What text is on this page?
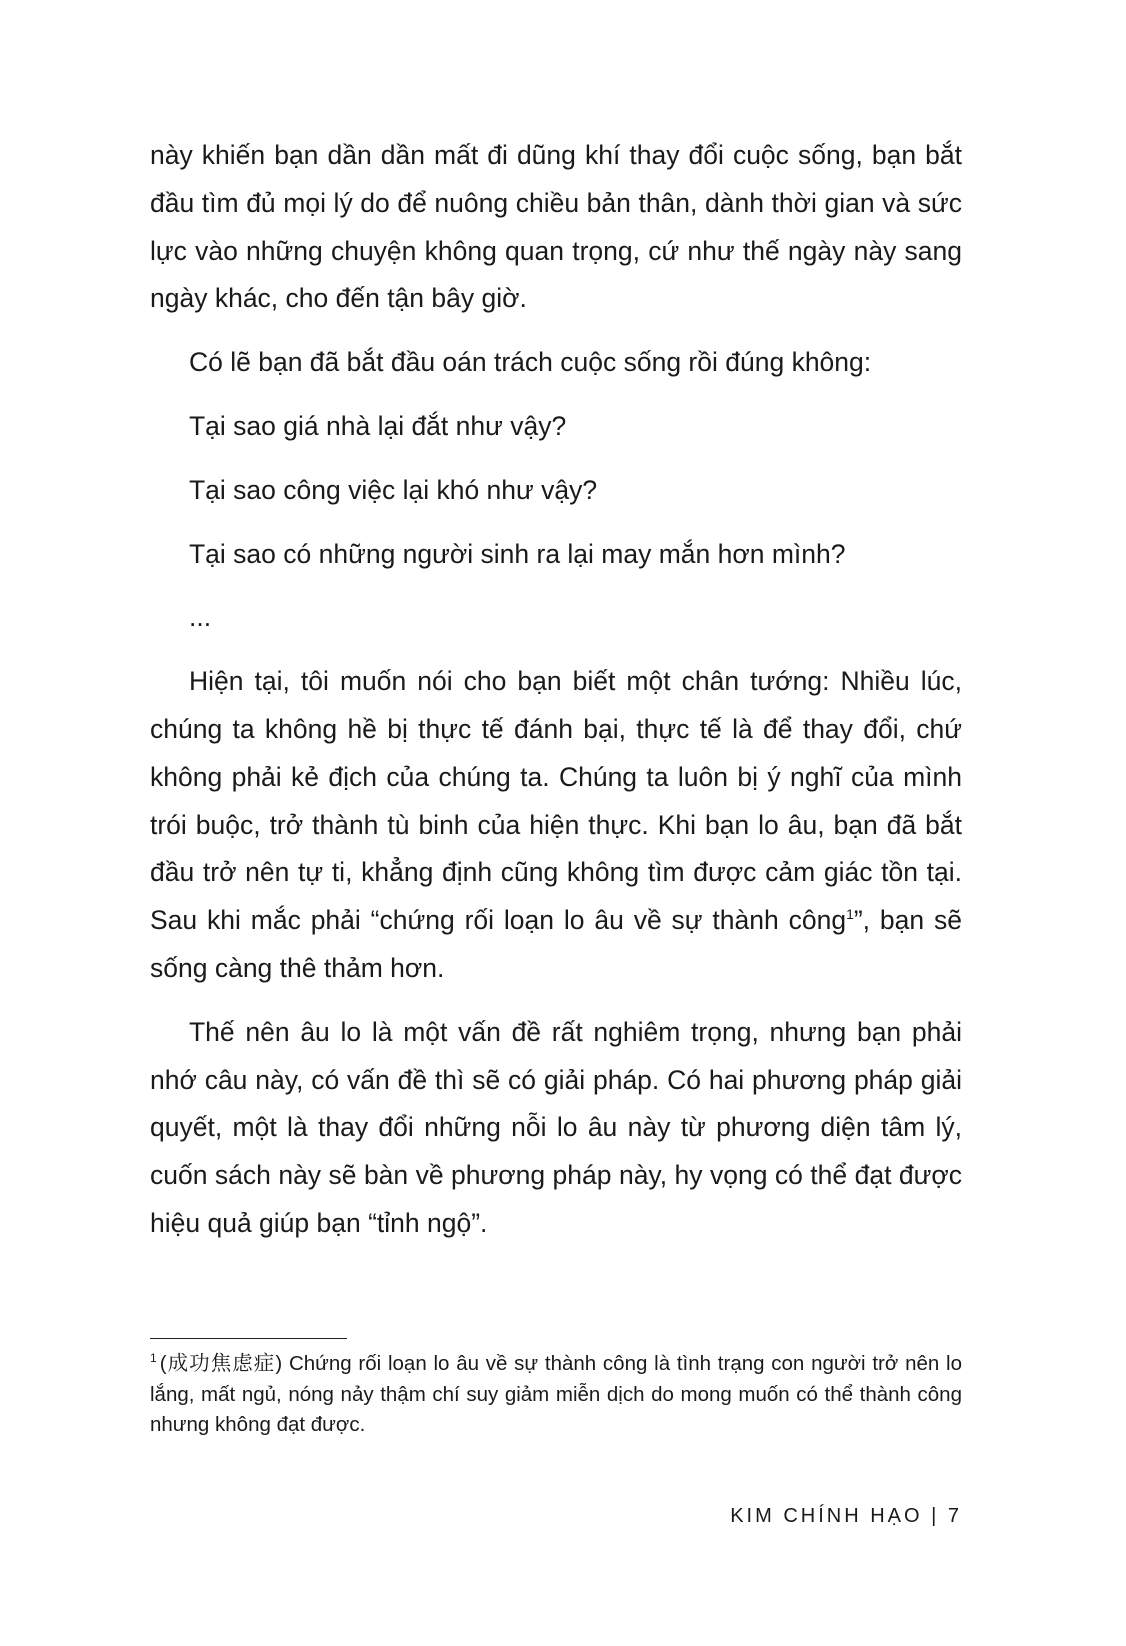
này khiến bạn dần dần mất đi dũng khí thay đổi cuộc sống, bạn bắt đầu tìm đủ mọi lý do để nuông chiều bản thân, dành thời gian và sức lực vào những chuyện không quan trọng, cứ như thế ngày này sang ngày khác, cho đến tận bây giờ.

Có lẽ bạn đã bắt đầu oán trách cuộc sống rồi đúng không:

Tại sao giá nhà lại đắt như vậy?

Tại sao công việc lại khó như vậy?

Tại sao có những người sinh ra lại may mắn hơn mình?

...

Hiện tại, tôi muốn nói cho bạn biết một chân tướng: Nhiều lúc, chúng ta không hề bị thực tế đánh bại, thực tế là để thay đổi, chứ không phải kẻ địch của chúng ta. Chúng ta luôn bị ý nghĩ của mình trói buộc, trở thành tù binh của hiện thực. Khi bạn lo âu, bạn đã bắt đầu trở nên tự ti, khẳng định cũng không tìm được cảm giác tồn tại. Sau khi mắc phải “chứng rối loạn lo âu về sự thành công$^1$”, bạn sẽ sống càng thê thảm hơn.

Thế nên âu lo là một vấn đề rất nghiêm trọng, nhưng bạn phải nhớ câu này, có vấn đề thì sẽ có giải pháp. Có hai phương pháp giải quyết, một là thay đổi những nỗi lo âu này từ phương diện tâm lý, cuốn sách này sẽ bàn về phương pháp này, hy vọng có thể đạt được hiệu quả giúp bạn “tỉnh ngộ”.

$^1$ (成功焦虑症) Chứng rối loạn lo âu về sự thành công là tình trạng con người trở nên lo lắng, mất ngủ, nóng nảy thậm chí suy giảm miễn dịch do mong muốn có thể thành công nhưng không đạt được.

KIM CHÍNH HẠO | 7
